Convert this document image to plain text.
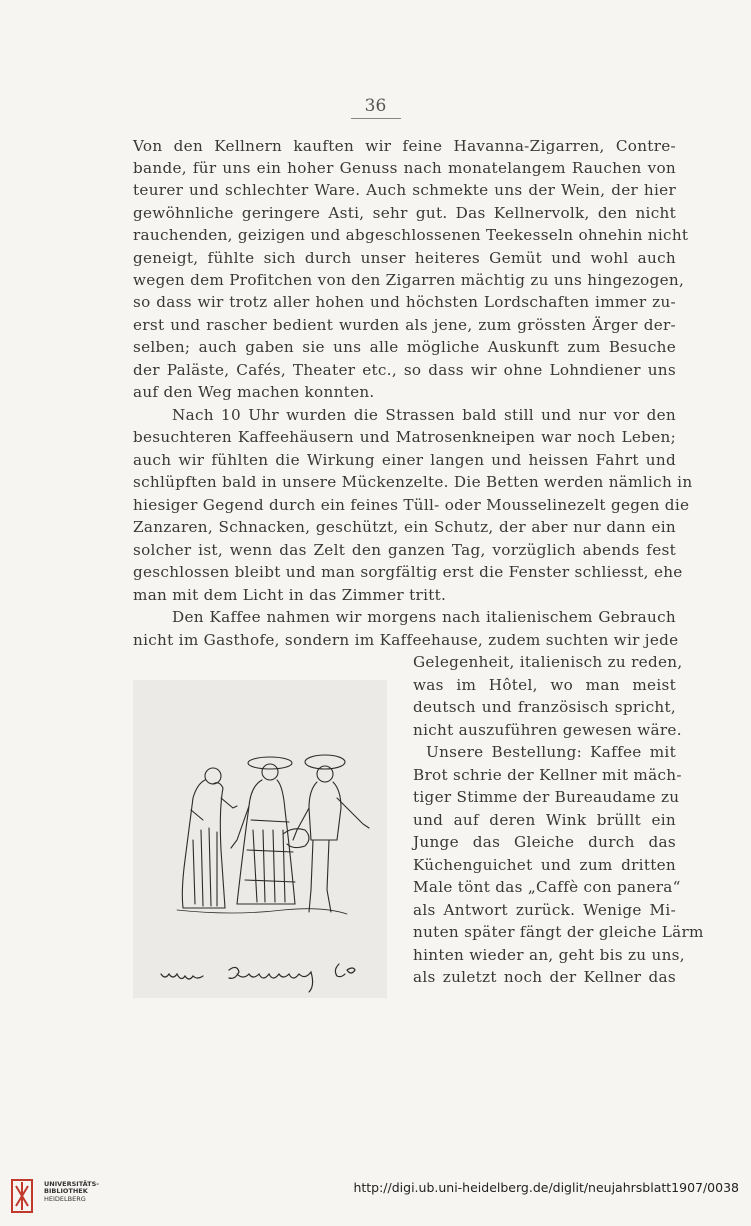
36
Von den Kellnern kauften wir feine Havanna-Zigarren, Contre-
bande, für uns ein hoher Genuss nach monatelangem Rauchen von
teurer und schlechter Ware. Auch schmekte uns der Wein, der hier
gewöhnliche geringere Asti, sehr gut. Das Kellnervolk, den nicht
rauchenden, geizigen und abgeschlossenen Teekesseln ohnehin nicht
geneigt, fühlte sich durch unser heiteres Gemüt und wohl auch
wegen dem Profitchen von den Zigarren mächtig zu uns hingezogen,
so dass wir trotz aller hohen und höchsten Lordschaften immer zu-
erst und rascher bedient wurden als jene, zum grössten Ärger der-
selben; auch gaben sie uns alle mögliche Auskunft zum Besuche
der Paläste, Cafés, Theater etc., so dass wir ohne Lohndiener uns
auf den Weg machen konnten.
Nach 10 Uhr wurden die Strassen bald still und nur vor den
besuchteren Kaffeehäusern und Matrosenkneipen war noch Leben;
auch wir fühlten die Wirkung einer langen und heissen Fahrt und
schlüpften bald in unsere Mückenzelte. Die Betten werden nämlich in
hiesiger Gegend durch ein feines Tüll- oder Mousselinezelt gegen die
Zanzaren, Schnacken, geschützt, ein Schutz, der aber nur dann ein
solcher ist, wenn das Zelt den ganzen Tag, vorzüglich abends fest
geschlossen bleibt und man sorgfältig erst die Fenster schliesst, ehe
man mit dem Licht in das Zimmer tritt.
Den Kaffee nahmen wir morgens nach italienischem Gebrauch
nicht im Gasthofe, sondern im Kaffeehause, zudem suchten wir jede
Gelegenheit, italienisch zu reden,
was im Hôtel, wo man meist
deutsch und französisch spricht,
nicht auszuführen gewesen wäre.
Unsere Bestellung: Kaffee mit
Brot schrie der Kellner mit mäch-
tiger Stimme der Bureaudame zu
und auf deren Wink brüllt ein
Junge das Gleiche durch das
Küchenguichet und zum dritten
Male tönt das „Caffè con panera“
als Antwort zurück. Wenige Mi-
nuten später fängt der gleiche Lärm
hinten wieder an, geht bis zu uns,
als zuletzt noch der Kellner das
UNIVERSITÄTS-
BIBLIOTHEK
HEIDELBERG
http://digi.ub.uni-heidelberg.de/diglit/neujahrsblatt1907/0038
